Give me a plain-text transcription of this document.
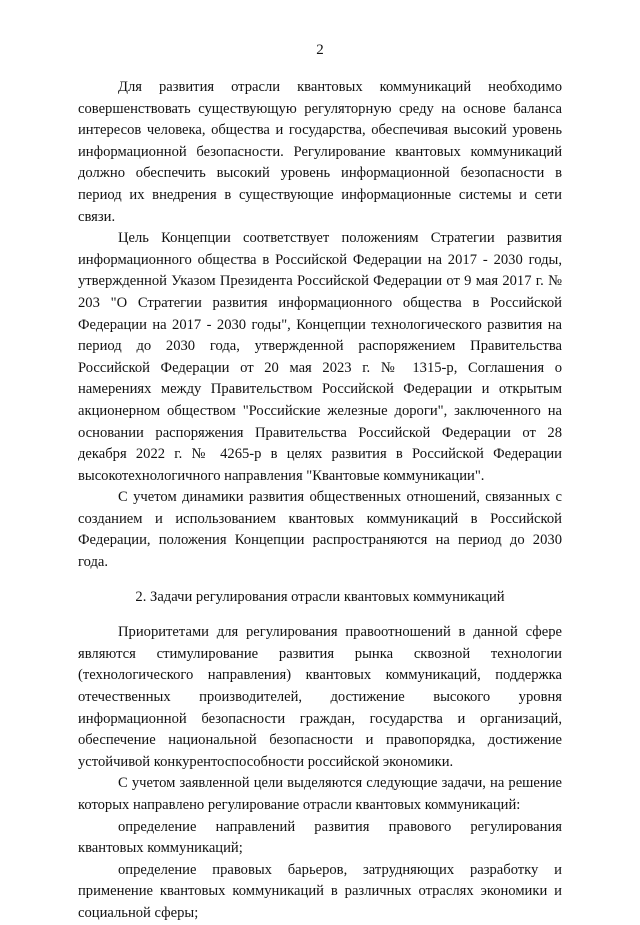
2

Для развития отрасли квантовых коммуникаций необходимо совершенствовать существующую регуляторную среду на основе баланса интересов человека, общества и государства, обеспечивая высокий уровень информационной безопасности. Регулирование квантовых коммуникаций должно обеспечить высокий уровень информационной безопасности в период их внедрения в существующие информационные системы и сети связи.

Цель Концепции соответствует положениям Стратегии развития информационного общества в Российской Федерации на 2017 - 2030 годы, утвержденной Указом Президента Российской Федерации от 9 мая 2017 г. № 203 "О Стратегии развития информационного общества в Российской Федерации на 2017 - 2030 годы", Концепции технологического развития на период до 2030 года, утвержденной распоряжением Правительства Российской Федерации от 20 мая 2023 г. № 1315-р, Соглашения о намерениях между Правительством Российской Федерации и открытым акционерном обществом "Российские железные дороги", заключенного на основании распоряжения Правительства Российской Федерации от 28 декабря 2022 г. № 4265-р в целях развития в Российской Федерации высокотехнологичного направления "Квантовые коммуникации".

С учетом динамики развития общественных отношений, связанных с созданием и использованием квантовых коммуникаций в Российской Федерации, положения Концепции распространяются на период до 2030 года.

2. Задачи регулирования отрасли квантовых коммуникаций

Приоритетами для регулирования правоотношений в данной сфере являются стимулирование развития рынка сквозной технологии (технологического направления) квантовых коммуникаций, поддержка отечественных производителей, достижение высокого уровня информационной безопасности граждан, государства и организаций, обеспечение национальной безопасности и правопорядка, достижение устойчивой конкурентоспособности российской экономики.

С учетом заявленной цели выделяются следующие задачи, на решение которых направлено регулирование отрасли квантовых коммуникаций:

определение направлений развития правового регулирования квантовых коммуникаций;

определение правовых барьеров, затрудняющих разработку и применение квантовых коммуникаций в различных отраслях экономики и социальной сферы;
